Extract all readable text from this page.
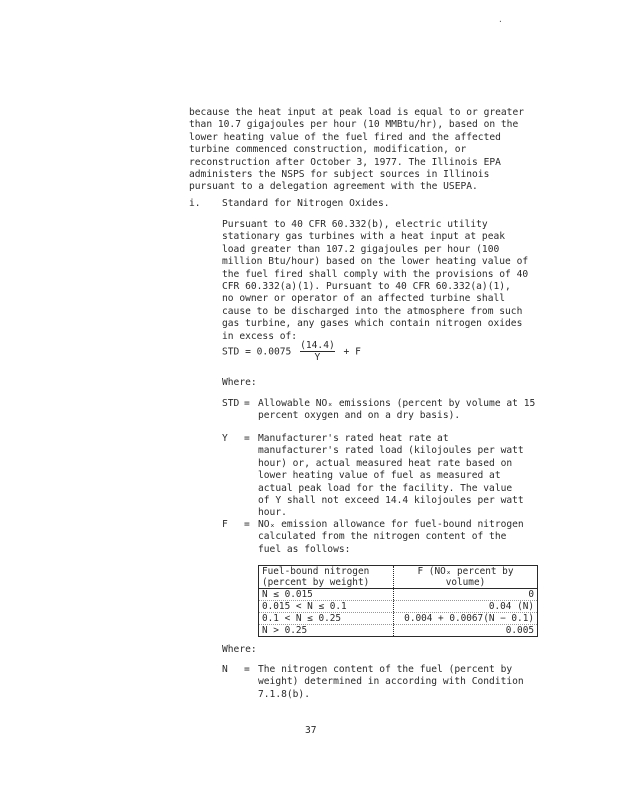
.
because the heat input at peak load is equal to or greater
than 10.7 gigajoules per hour (10 MMBtu/hr), based on the
lower heating value of the fuel fired and the affected
turbine commenced construction, modification, or
reconstruction after October 3, 1977. The Illinois EPA
administers the NSPS for subject sources in Illinois
pursuant to a delegation agreement with the USEPA.
i. Standard for Nitrogen Oxides.
Pursuant to 40 CFR 60.332(b), electric utility
stationary gas turbines with a heat input at peak
load greater than 107.2 gigajoules per hour (100
million Btu/hour) based on the lower heating value of
the fuel fired shall comply with the provisions of 40
CFR 60.332(a)(1). Pursuant to 40 CFR 60.332(a)(1),
no owner or operator of an affected turbine shall
cause to be discharged into the atmosphere from such
gas turbine, any gases which contain nitrogen oxides
in excess of:
STD = $0.0075 \frac{(14.4)}{Y} + F$
Where:
STD = Allowable NOₓ emissions (percent by volume at 15
percent oxygen and on a dry basis).
Y	= Manufacturer's rated heat rate at
manufacturer's rated load (kilojoules per watt
hour) or, actual measured heat rate based on
lower heating value of fuel as measured at
actual peak load for the facility. The value
of Y shall not exceed 14.4 kilojoules per watt
hour.
F	= NOₓ emission allowance for fuel-bound nitrogen
calculated from the nitrogen content of the
fuel as follows:
Fuel-bound nitrogen (percent by weight)	F (NOₓ percent by volume)
N ≤ 0.015	0
0.015 < N ≤ 0.1	0.04 (N)
0.1 < N ≤ 0.25	0.004 + 0.0067(N − 0.1)
N > 0.25	0.005
Where:
N	= The nitrogen content of the fuel (percent by
weight) determined in according with Condition
7.1.8(b).
37
